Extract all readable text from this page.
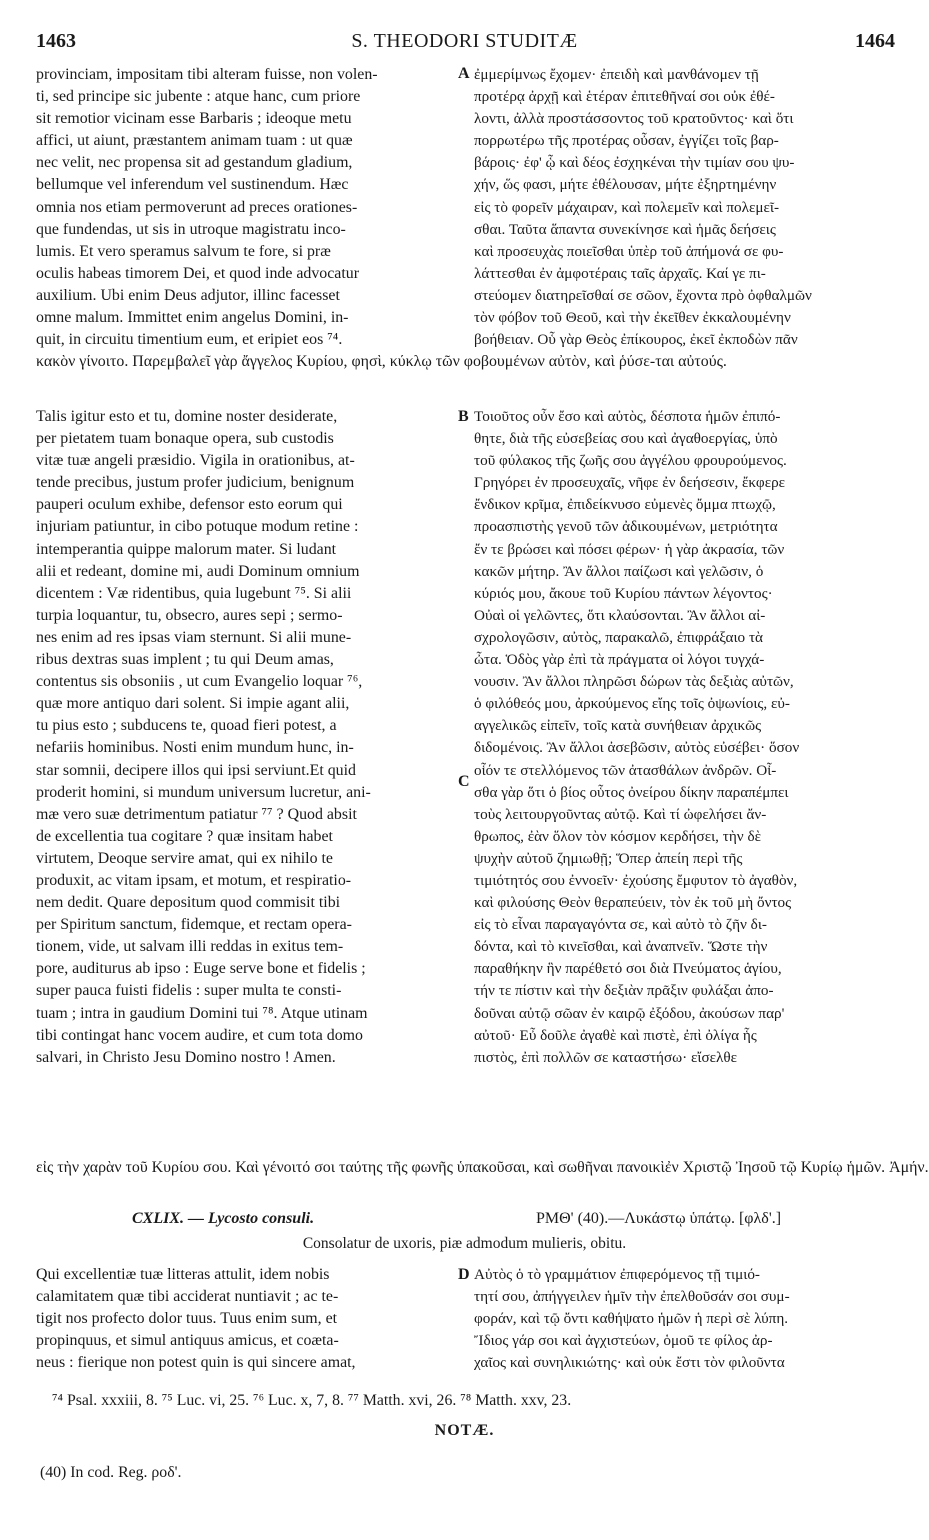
1463	S. THEODORI STUDITÆ	1464
provinciam, impositam tibi alteram fuisse, non volen-
ti, sed principe sic jubente : atque hanc, cum priore
sit remotior vicinam esse Barbaris ; ideoque metu
affici, ut aiunt, præstantem animam tuam : ut quæ
nec velit, nec propensa sit ad gestandum gladium,
bellumque vel inferendum vel sustinendum. Hæc
omnia nos etiam permoverunt ad preces orationes-
que fundendas, ut sis in utroque magistratu inco-
lumis. Et vero speramus salvum te fore, si præ
oculis habeas timorem Dei, et quod inde advocatur
auxilium. Ubi enim Deus adjutor, illinc facesset
omne malum. Immittet enim angelus Domini, in-
quit, in circuitu timentium eum, et eripiet eos ⁷⁴.
ἐμμερίμνως ἔχομεν· ἐπειδὴ καὶ μανθάνομεν τῇ
προτέρᾳ ἀρχῇ καὶ ἑτέραν ἐπιτεθῆναί σοι οὐκ ἐθέ-
λοντι, ἀλλὰ προστάσσοντος τοῦ κρατοῦντος· καὶ ὅτι
πορρωτέρω τῆς προτέρας οὖσαν, ἐγγίζει τοῖς βαρ-
βάροις· ἐφ' ᾧ καὶ δέος ἐσχηκέναι τὴν τιμίαν σου ψυ-
χήν, ὥς φασι, μήτε ἐθέλουσαν, μήτε ἐξηρτημένην
εἰς τὸ φορεῖν μάχαιραν, καὶ πολεμεῖν καὶ πολεμεῖ-
σθαι. Ταῦτα ἅπαντα συνεκίνησε καὶ ἡμᾶς δεήσεις
καὶ προσευχὰς ποιεῖσθαι ὑπὲρ τοῦ ἀπήμονά σε φυ-
λάττεσθαι ἐν ἀμφοτέραις ταῖς ἀρχαῖς. Καί γε πι-
στεύομεν διατηρεῖσθαί σε σῶον, ἔχοντα πρὸ ὀφθαλμῶν
τὸν φόβον τοῦ Θεοῦ, καὶ τὴν ἐκεῖθεν ἐκκαλουμένην
βοήθειαν. Οὗ γὰρ Θεὸς ἐπίκουρος, ἐκεῖ ἐκποδὼν πᾶν
A
κακὸν γίνοιτο. Παρεμβαλεῖ γὰρ ἄγγελος Κυρίου, φησὶ, κύκλῳ τῶν φοβουμένων αὐτὸν, καὶ ῥύσε-ται αὐτούς.
Talis igitur esto et tu, domine noster desiderate,
per pietatem tuam bonaque opera, sub custodis
vitæ tuæ angeli præsidio. Vigila in orationibus, at-
tende precibus, justum profer judicium, benignum
pauperi oculum exhibe, defensor esto eorum qui
injuriam patiuntur, in cibo potuque modum retine :
intemperantia quippe malorum mater. Si ludant
alii et redeant, domine mi, audi Dominum omnium
dicentem : Væ ridentibus, quia lugebunt ⁷⁵. Si alii
turpia loquantur, tu, obsecro, aures sepi ; sermo-
nes enim ad res ipsas viam sternunt. Si alii mune-
ribus dextras suas implent ; tu qui Deum amas,
contentus sis obsoniis , ut cum Evangelio loquar ⁷⁶,
quæ more antiquo dari solent. Si impie agant alii,
tu pius esto ; subducens te, quoad fieri potest, a
nefariis hominibus. Nosti enim mundum hunc, in-
star somnii, decipere illos qui ipsi serviunt.Et quid
proderit homini, si mundum universum lucretur, ani-
mæ vero suæ detrimentum patiatur ⁷⁷ ? Quod absit
de excellentia tua cogitare ? quæ insitam habet
virtutem, Deoque servire amat, qui ex nihilo te
produxit, ac vitam ipsam, et motum, et respiratio-
nem dedit. Quare depositum quod commisit tibi
per Spiritum sanctum, fidemque, et rectam opera-
tionem, vide, ut salvam illi reddas in exitus tem-
pore, auditurus ab ipso : Euge serve bone et fidelis ;
super pauca fuisti fidelis : super multa te consti-
tuam ; intra in gaudium Domini tui ⁷⁸. Atque utinam
tibi contingat hanc vocem audire, et cum tota domo
salvari, in Christo Jesu Domino nostro ! Amen.
Τοιοῦτος οὖν ἔσο καὶ αὐτὸς, δέσποτα ἡμῶν ἐπιπό-
θητε, διὰ τῆς εὐσεβείας σου καὶ ἀγαθοεργίας, ὑπὸ
τοῦ φύλακος τῆς ζωῆς σου ἀγγέλου φρουρούμενος.
Γρηγόρει ἐν προσευχαῖς, νῆφε ἐν δεήσεσιν, ἔκφερε
ἔνδικον κρῖμα, ἐπιδείκνυσο εὐμενὲς ὄμμα πτωχῷ,
προασπιστὴς γενοῦ τῶν ἀδικουμένων, μετριότητα
ἔν τε βρώσει καὶ πόσει φέρων· ἡ γὰρ ἀκρασία, τῶν
κακῶν μήτηρ. Ἂν ἄλλοι παίζωσι καὶ γελῶσιν, ὁ
κύριός μου, ἄκουε τοῦ Κυρίου πάντων λέγοντος·
Οὐαὶ οἱ γελῶντες, ὅτι κλαύσονται. Ἂν ἄλλοι αἰ-
σχρολογῶσιν, αὐτὸς, παρακαλῶ, ἐπιφράξαιο τὰ
ὦτα. Ὁδὸς γὰρ ἐπὶ τὰ πράγματα οἱ λόγοι τυγχά-
νουσιν. Ἂν ἄλλοι πληρῶσι δώρων τὰς δεξιὰς αὐτῶν,
ὁ φιλόθεός μου, ἀρκούμενος εἴης τοῖς ὀψωνίοις, εὐ-
αγγελικῶς εἰπεῖν, τοῖς κατὰ συνήθειαν ἀρχικῶς
διδομένοις. Ἂν ἄλλοι ἀσεβῶσιν, αὐτὸς εὐσέβει· ὅσον
οἷόν τε στελλόμενος τῶν ἀτασθάλων ἀνδρῶν. Οἶ-
σθα γὰρ ὅτι ὁ βίος οὗτος ὀνείρου δίκην παραπέμπει
τοὺς λειτουργοῦντας αὐτῷ. Καὶ τί ὠφελήσει ἄν-
θρωπος, ἐὰν ὅλον τὸν κόσμον κερδήσει, τὴν δὲ
ψυχὴν αὐτοῦ ζημιωθῇ; Ὅπερ ἀπείη περὶ τῆς
τιμιότητός σου ἐννοεῖν· ἐχούσης ἔμφυτον τὸ ἀγαθὸν,
καὶ φιλούσης Θεὸν θεραπεύειν, τὸν ἐκ τοῦ μὴ ὄντος
εἰς τὸ εἶναι παραγαγόντα σε, καὶ αὐτὸ τὸ ζῆν δι-
δόντα, καὶ τὸ κινεῖσθαι, καὶ ἀναπνεῖν. Ὥστε τὴν
παραθήκην ἣν παρέθετό σοι διὰ Πνεύματος ἁγίου,
τήν τε πίστιν καὶ τὴν δεξιὰν πρᾶξιν φυλάξαι ἀπο-
δοῦναι αὐτῷ σῶαν ἐν καιρῷ ἐξόδου, ἀκούσων παρ'
αὐτοῦ· Εὖ δοῦλε ἀγαθὲ καὶ πιστὲ, ἐπὶ ὀλίγα ἧς
πιστὸς, ἐπὶ πολλῶν σε καταστήσω· εἴσελθε
B
C
εἰς τὴν χαρὰν τοῦ Κυρίου σου. Καὶ γένοιτό σοι ταύτης τῆς φωνῆς ὑπακοῦσαι, καὶ σωθῆναι πανοικὶἐν Χριστῷ Ἰησοῦ τῷ Κυρίῳ ἡμῶν. Ἀμήν.
CXLIX. — Lycosto consuli.	ΡΜΘ' (40).—Λυκάστῳ ὑπάτῳ. [φλδ'.]
Consolatur de uxoris, piæ admodum mulieris, obitu.
Qui excellentiæ tuæ litteras attulit, idem nobis
calamitatem quæ tibi acciderat nuntiavit ; ac te-
tigit nos profecto dolor tuus. Tuus enim sum, et
propinquus, et simul antiquus amicus, et coæta-
neus : fierique non potest quin is qui sincere amat,
Αὐτὸς ὁ τὸ γραμμάτιον ἐπιφερόμενος τῇ τιμιό-
τητί σου, ἀπήγγειλεν ἡμῖν τὴν ἐπελθοῦσάν σοι συμ-
φοράν, καὶ τῷ ὄντι καθήψατο ἡμῶν ἡ περὶ σὲ λύπη.
Ἴδιος γάρ σοι καὶ ἀγχιστεύων, ὁμοῦ τε φίλος ἀρ-
χαῖος καὶ συνηλικιώτης· καὶ οὐκ ἔστι τὸν φιλοῦντα
D
⁷⁴ Psal. xxxiii, 8. ⁷⁵ Luc. vi, 25. ⁷⁶ Luc. x, 7, 8. ⁷⁷ Matth. xvi, 26. ⁷⁸ Matth. xxv, 23.
NOTÆ.
(40) In cod. Reg. ροδ'.
